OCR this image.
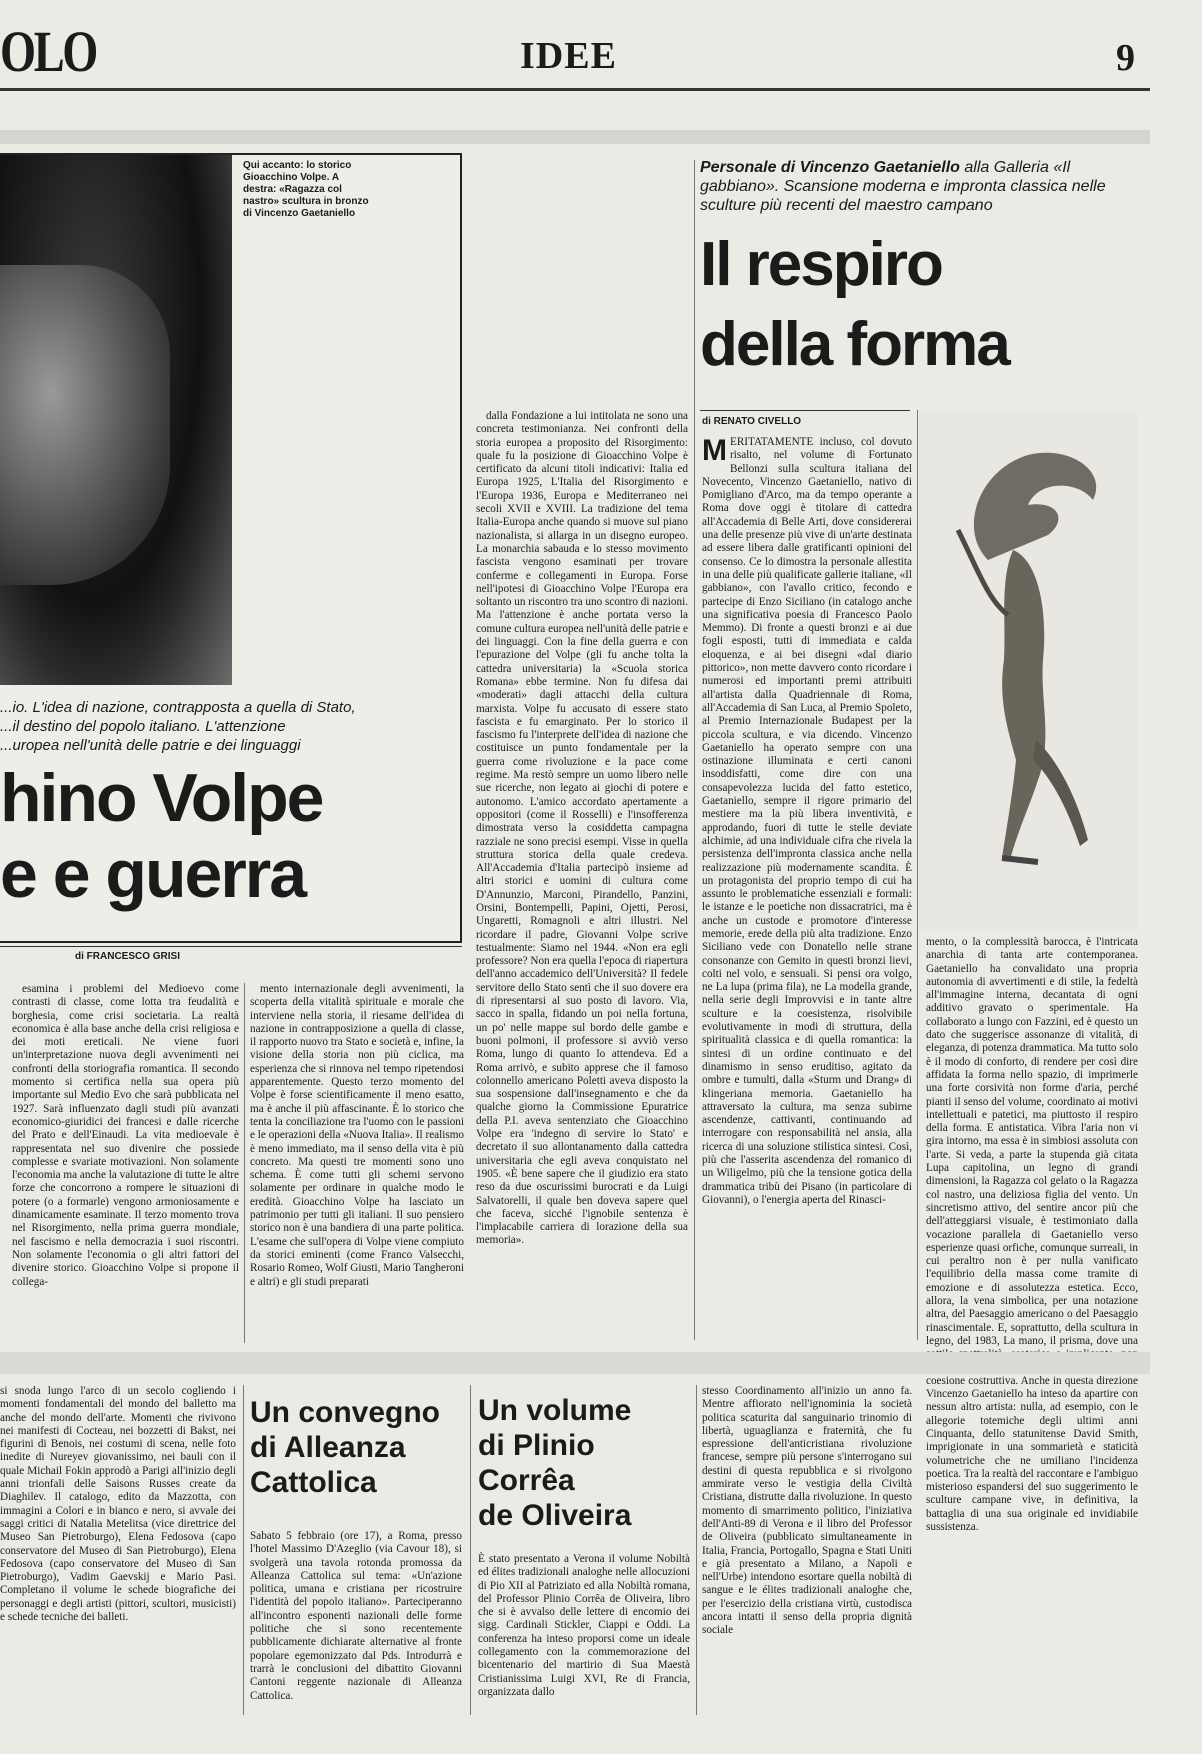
OLO	IDEE	9
Qui accanto: lo storico Gioacchino Volpe. A destra: «Ragazza col nastro» scultura in bronzo di Vincenzo Gaetaniello
...io. L'idea di nazione, contrapposta a quella di Stato,
...il destino del popolo italiano. L'attenzione
...uropea nell'unità delle patrie e dei linguaggi
hino Volpe
e e guerra
di FRANCESCO GRISI

esamina i problemi del Medioevo come contrasti di classe, come lotta tra feudalità e borghesia, come crisi societaria. La realtà economica è alla base anche della crisi religiosa e dei moti ereticali. Ne viene fuori un'interpretazione nuova degli avvenimenti nei confronti della storiografia romantica. Il secondo momento si certifica nella sua opera più importante sul Medio Evo che sarà pubblicata nel 1927. Sarà influenzato dagli studi più avanzati economico-giuridici dei francesi e dalle ricerche del Prato e dell'Einaudi. La vita medioevale è rappresentata nel suo divenire che possiede complesse e svariate motivazioni. Non solamente l'economia ma anche la valutazione di tutte le altre forze che concorrono a rompere le situazioni di potere (o a formarle) vengono armoniosamente e dinamicamente esaminate. Il terzo momento trova nel Risorgimento, nella prima guerra mondiale, nel fascismo e nella democrazia i suoi riscontri. Non solamente l'economia o gli altri fattori del divenire storico. Gioacchino Volpe si propone il collega-

mento internazionale degli avvenimenti, la scoperta della vitalità spirituale e morale che interviene nella storia, il riesame dell'idea di nazione in contrapposizione a quella di classe, il rapporto nuovo tra Stato e società e, infine, la visione della storia non più ciclica, ma esperienza che si rinnova nel tempo ripetendosi apparentemente. Questo terzo momento del Volpe è forse scientificamente il meno esatto, ma è anche il più affascinante. È lo storico che tenta la conciliazione tra l'uomo con le passioni e le operazioni della «Nuova Italia». Il realismo è meno immediato, ma il senso della vita è più concreto. Ma questi tre momenti sono uno schema. È come tutti gli schemi servono solamente per ordinare in qualche modo le eredità. Gioacchino Volpe ha lasciato un patrimonio per tutti gli italiani. Il suo pensiero storico non è una bandiera di una parte politica. L'esame che sull'opera di Volpe viene compiuto da storici eminenti (come Franco Valsecchi, Rosario Romeo, Wolf Giusti, Mario Tangheroni e altri) e gli studi preparati

dalla Fondazione a lui intitolata ne sono una concreta testimonianza. Nei confronti della storia europea a proposito del Risorgimento: quale fu la posizione di Gioacchino Volpe è certificato da alcuni titoli indicativi: Italia ed Europa 1925, L'Italia del Risorgimento e l'Europa 1936, Europa e Mediterraneo nei secoli XVII e XVIII. La tradizione del tema Italia-Europa anche quando si muove sul piano nazionalista, si allarga in un disegno europeo. La monarchia sabauda e lo stesso movimento fascista vengono esaminati per trovare conferme e collegamenti in Europa. Forse nell'ipotesi di Gioacchino Volpe l'Europa era soltanto un riscontro tra uno scontro di nazioni. Ma l'attenzione è anche portata verso la comune cultura europea nell'unità delle patrie e dei linguaggi. Con la fine della guerra e con l'epurazione del Volpe (gli fu anche tolta la cattedra universitaria) la «Scuola storica Romana» ebbe termine. Non fu difesa dai «moderati» dagli attacchi della cultura marxista. Volpe fu accusato di essere stato fascista e fu emarginato. Per lo storico il fascismo fu l'interprete dell'idea di nazione che costituisce un punto fondamentale per la guerra come rivoluzione e la pace come regime. Ma restò sempre un uomo libero nelle sue ricerche, non legato ai giochi di potere e autonomo. L'amico accordato apertamente a oppositori (come il Rosselli) e l'insofferenza dimostrata verso la cosiddetta campagna razziale ne sono precisi esempi. Visse in quella struttura storica della quale credeva. All'Accademia d'Italia partecipò insieme ad altri storici e uomini di cultura come D'Annunzio, Marconi, Pirandello, Panzini, Orsini, Bontempelli, Papini, Ojetti, Perosi, Ungaretti, Romagnoli e altri illustri. Nel ricordare il padre, Giovanni Volpe scrive testualmente: Siamo nel 1944. «Non era egli professore? Non era quella l'epoca di riapertura dell'anno accademico dell'Università? Il fedele servitore dello Stato sentì che il suo dovere era di ripresentarsi al suo posto di lavoro. Via, sacco in spalla, fidando un poi nella fortuna, un po' nelle mappe sul bordo delle gambe e buoni polmoni, il professore si avviò verso Roma, lungo di quanto lo attendeva. Ed a Roma arrivò, e subito apprese che il famoso colonnello americano Poletti aveva disposto la sua sospensione dall'insegnamento e che da qualche giorno la Commissione Epuratrice della P.I. aveva sentenziato che Gioacchino Volpe era 'indegno di servire lo Stato' e decretato il suo allontanamento dalla cattedra universitaria che egli aveva conquistato nel 1905. «È bene sapere che il giudizio era stato reso da due oscurissimi burocrati e da Luigi Salvatorelli, il quale ben doveva sapere quel che faceva, sicché l'ignobile sentenza è l'implacabile carriera di lorazione della sua memoria».

Personale di Vincenzo Gaetaniello alla Galleria «Il gabbiano». Scansione moderna e impronta classica nelle sculture più recenti del maestro campano
Il respiro
della forma
di RENATO CIVELLO
MERITATAMENTE incluso, col dovuto risalto, nel volume di Fortunato Bellonzi sulla scultura italiana del Novecento, Vincenzo Gaetaniello, nativo di Pomigliano d'Arco, ma da tempo operante a Roma dove oggi è titolare di cattedra all'Accademia di Belle Arti, dove considererai una delle presenze più vive di un'arte destinata ad essere libera dalle gratificanti opinioni del consenso. Ce lo dimostra la personale allestita in una delle più qualificate gallerie italiane, «Il gabbiano», con l'avallo critico, fecondo e partecipe di Enzo Siciliano (in catalogo anche una significativa poesia di Francesco Paolo Memmo). Di fronte a questi bronzi e ai due fogli esposti, tutti di immediata e calda eloquenza, e ai bei disegni «dal diario pittorico», non mette davvero conto ricordare i numerosi ed importanti premi attribuiti all'artista dalla Quadriennale di Roma, all'Accademia di San Luca, al Premio Spoleto, al Premio Internazionale Budapest per la piccola scultura, e via dicendo. Vincenzo Gaetaniello ha operato sempre con una ostinazione illuminata e certi canoni insoddisfatti, come dire con una consapevolezza lucida del fatto estetico, Gaetaniello, sempre il rigore primario del mestiere ma la più libera inventività, e approdando, fuori di tutte le stelle deviate alchimie, ad una individuale cifra che rivela la persistenza dell'impronta classica anche nella realizzazione più modernamente scandita. È un protagonista del proprio tempo di cui ha assunto le problematiche essenziali e formali: le istanze e le poetiche non dissacratrici, ma è anche un custode e promotore d'interesse memorie, erede della più alta tradizione. Enzo Siciliano vede con Donatello nelle strane consonanze con Gemito in questi bronzi lievi, colti nel volo, e sensuali. Si pensi ora volgo, ne La lupa (prima fila), ne La modella grande, nella serie degli Improvvisi e in tante altre sculture e la coesistenza, risolvibile evolutivamente in modi di struttura, della spiritualità classica e di quella romantica: la sintesi di un ordine continuato e del dinamismo in senso eruditiso, agitato da ombre e tumulti, dalla «Sturm und Drang» di klingeriana memoria. Gaetaniello ha attraversato la cultura, ma senza subirne ascendenze, cattivanti, continuando ad interrogare con responsabilità nel ansia, alla ricerca di una soluzione stilistica sintesi. Così, più che l'asserita ascendenza del romanico di un Wiligelmo, più che la tensione gotica della drammatica tribù dei Pisano (in particolare di Giovanni), o l'energia aperta del Rinasci-

mento, o la complessità barocca, è l'intricata anarchia di tanta arte contemporanea. Gaetaniello ha convalidato una propria autonomia di avvertimenti e di stile, la fedeltà all'immagine interna, decantata di ogni additivo gravato o sperimentale. Ha collaborato a lungo con Fazzini, ed è questo un dato che suggerisce assonanze di vitalità, di eleganza, di potenza drammatica. Ma tutto solo è il modo di conforto, di rendere per così dire affidata la forma nello spazio, di imprimerle una forte corsività non forme d'aria, perché pianti il senso del volume, coordinato ai motivi intellettuali e patetici, ma piuttosto il respiro della forma. E antistatica. Vibra l'aria non vi gira intorno, ma essa è in simbiosi assoluta con l'arte. Si veda, a parte la stupenda già citata Lupa capitolina, un legno di grandi dimensioni, la Ragazza col gelato o la Ragazza col nastro, una deliziosa figlia del vento. Un sincretismo attivo, del sentire ancor più che dell'atteggiarsi visuale, è testimoniato dalla vocazione parallela di Gaetaniello verso esperienze quasi orfiche, comunque surreali, in cui peraltro non è per nulla vanificato l'equilibrio della massa come tramite di emozione e di assolutezza estetica. Ecco, allora, la vena simbolica, per una notazione altra, del Paesaggio americano o del Paesaggio rinascimentale. E, soprattutto, della scultura in legno, del 1983, La mano, il prisma, dove una coesione costruttiva. Anche in questa direzione Vincenzo Gaetaniello ha inteso da apartire con nessun altro artista: nulla, ad esempio, con le allegorie totemiche degli ultimi anni Cinquanta, dello statunitense David Smith, imprigionate in una sommarietà e staticità volumetriche che ne umiliano l'incidenza poetica. Tra la realtà del raccontare e l'ambiguo misterioso espandersi del suo suggerimento le sculture campane vive, in definitiva, la battaglia di una sua originale ed invidiabile sussistenza.

si snoda lungo l'arco di un secolo cogliendo i momenti fondamentali del mondo del balletto ma anche del mondo dell'arte. Momenti che rivivono nei manifesti di Cocteau, nei bozzetti di Bakst, nei figurini di Benois, nei costumi di scena, nelle foto inedite di Nureyev giovanissimo, nei bauli con il quale Michail Fokin approdò a Parigi all'inizio degli anni trionfali delle Saisons Russes create da Diaghilev. Il catalogo, edito da Mazzotta, con immagini a Colori e in bianco e nero, si avvale dei saggi critici di Natalia Metelitsa (vice direttrice del Museo San Pietroburgo), Elena Fedosova (capo conservatore del Museo di San Pietroburgo), Elena Fedosova (capo conservatore del Museo di San Pietroburgo), Vadim Gaevskij e Mario Pasi. Completano il volume le schede biografiche dei personaggi e degli artisti (pittori, scultori, musicisti) e schede tecniche dei balleti.

Un convegno
di Alleanza
Cattolica

Sabato 5 febbraio (ore 17), a Roma, presso l'hotel Massimo D'Azeglio (via Cavour 18), si svolgerà una tavola rotonda promossa da Alleanza Cattolica sul tema: «Un'azione politica, umana e cristiana per ricostruire l'identità del popolo italiano». Parteciperanno all'incontro esponenti nazionali delle forme politiche che si sono recentemente pubblicamente dichiarate alternative al fronte popolare egemonizzato dal Pds. Introdurrà e trarrà le conclusioni del dibattito Giovanni Cantoni reggente nazionale di Alleanza Cattolica.

Un volume
di Plinio
Corrêa
de Oliveira

È stato presentato a Verona il volume Nobiltà ed élites tradizionali analoghe nelle allocuzioni di Pio XII al Patriziato ed alla Nobiltà romana, del Professor Plinio Corrêa de Oliveira, libro che si è avvalso delle lettere di encomio dei sigg. Cardinali Stickler, Ciappi e Oddi. La conferenza ha inteso proporsi come un ideale collegamento con la commemorazione del bicentenario del martirio di Sua Maestà Cristianissima Luigi XVI, Re di Francia, organizzata dallo

stesso Coordinamento all'inizio un anno fa. Mentre affiorato nell'ignominia la società politica scaturita dal sanguinario trinomio di libertà, uguaglianza e fraternità, che fu espressione dell'anticristiana rivoluzione francese, sempre più persone s'interrogano sui destini di questa repubblica e si rivolgono ammirate verso le vestigia della Civiltà Cristiana, distrutte dalla rivoluzione. In questo momento di smarrimento politico, l'iniziativa dell'Anti-89 di Verona e il libro del Professor de Oliveira (pubblicato simultaneamente in Italia, Francia, Portogallo, Spagna e Stati Uniti e già presentato a Milano, a Napoli e nell'Urbe) intendono esortare quella nobiltà di sangue e le élites tradizionali analoghe che, per l'esercizio della cristiana virtù, custodisca ancora intatti il senso della propria dignità sociale
